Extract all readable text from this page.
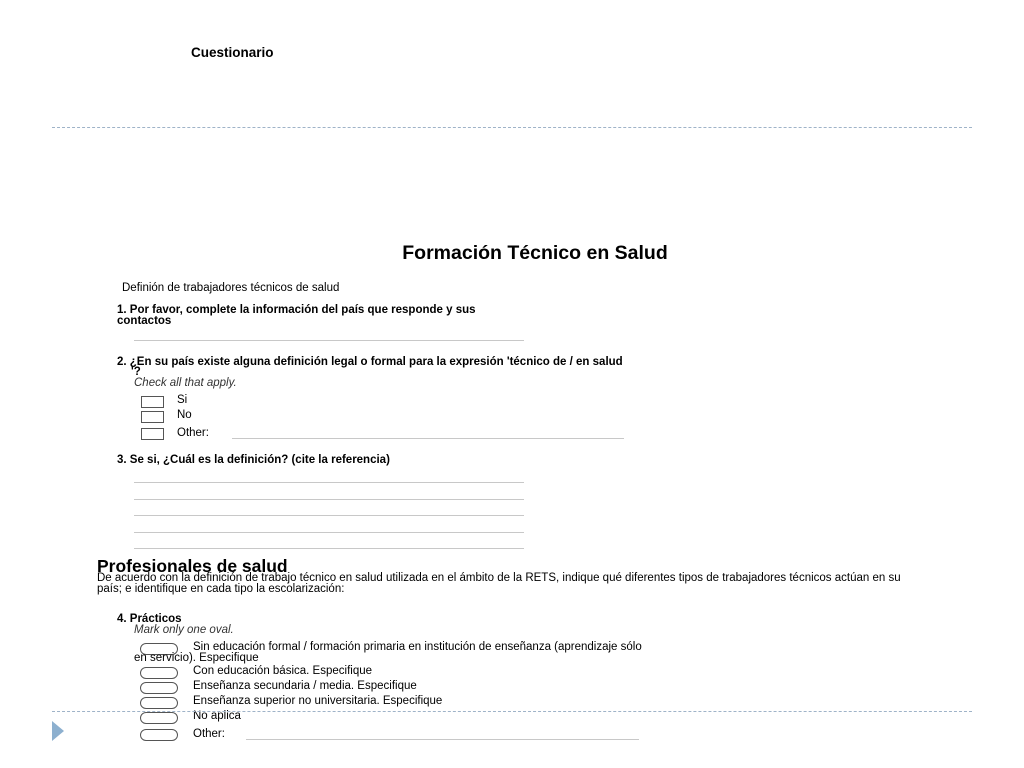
Cuestionario
Formación Técnico en Salud
Definión de trabajadores técnicos de salud
1. Por favor, complete la información del país que responde y sus contactos
2. ¿En su país existe alguna definición legal o formal para la expresión 'técnico de / en salud
'?
Check all that apply.
Si
No
Other:
3. Se si, ¿Cuál es la definición? (cite la referencia)
Profesionales de salud
De acuerdo con la definición de trabajo técnico en salud utilizada en el ámbito de la RETS, indique qué diferentes tipos de trabajadores técnicos actúan en su país; e identifique en cada tipo la escolarización:
4. Prácticos
Mark only one oval.
Sin educación formal / formación primaria en institución de enseñanza (aprendizaje sólo
en servicio). Especifique
Con educación básica. Especifique
Enseñanza secundaria / media. Especifique
Enseñanza superior no universitaria. Especifique
No aplica
Other:
